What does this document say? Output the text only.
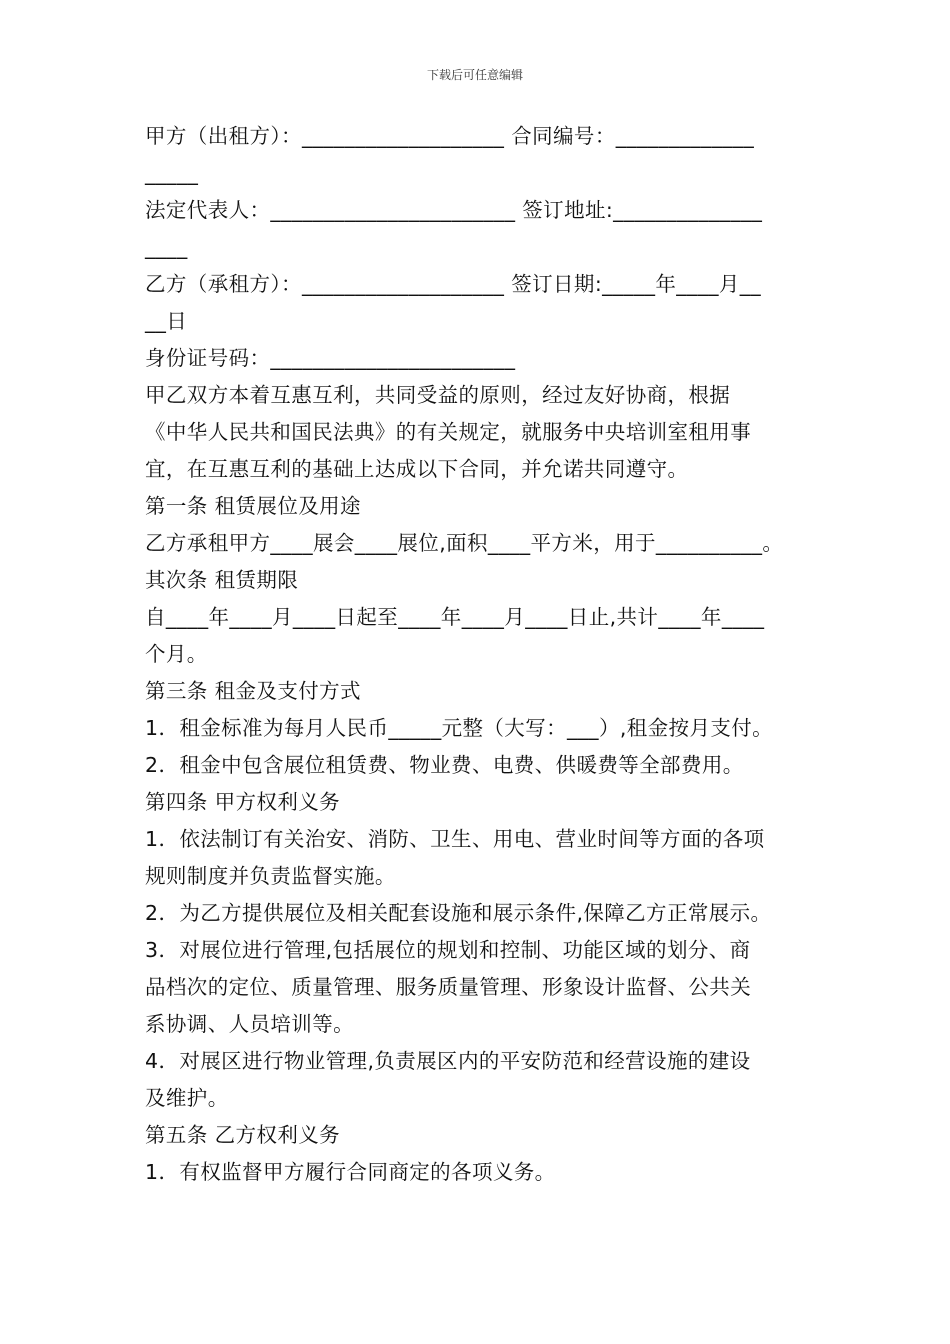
下载后可任意编辑
甲方（出租方）：___________________ 合同编号：_____________
_____
法定代表人：_______________________ 签订地址:______________
____
乙方（承租方）：___________________ 签订日期:_____年____月__
__日
身份证号码：_______________________
甲乙双方本着互惠互利，共同受益的原则，经过友好协商，根据
《中华人民共和国民法典》的有关规定，就服务中央培训室租用事
宜，在互惠互利的基础上达成以下合同，并允诺共同遵守。
第一条 租赁展位及用途
乙方承租甲方____展会____展位,面积____平方米，用于__________。
其次条 租赁期限
自____年____月____日起至____年____月____日止,共计____年____
个月。
第三条 租金及支付方式
1．租金标准为每月人民币_____元整（大写：___）,租金按月支付。
2．租金中包含展位租赁费、物业费、电费、供暖费等全部费用。
第四条 甲方权利义务
1．依法制订有关治安、消防、卫生、用电、营业时间等方面的各项
规则制度并负责监督实施。
2．为乙方提供展位及相关配套设施和展示条件,保障乙方正常展示。
3．对展位进行管理,包括展位的规划和控制、功能区域的划分、商
品档次的定位、质量管理、服务质量管理、形象设计监督、公共关
系协调、人员培训等。
4．对展区进行物业管理,负责展区内的平安防范和经营设施的建设
及维护。
第五条 乙方权利义务
1．有权监督甲方履行合同商定的各项义务。
